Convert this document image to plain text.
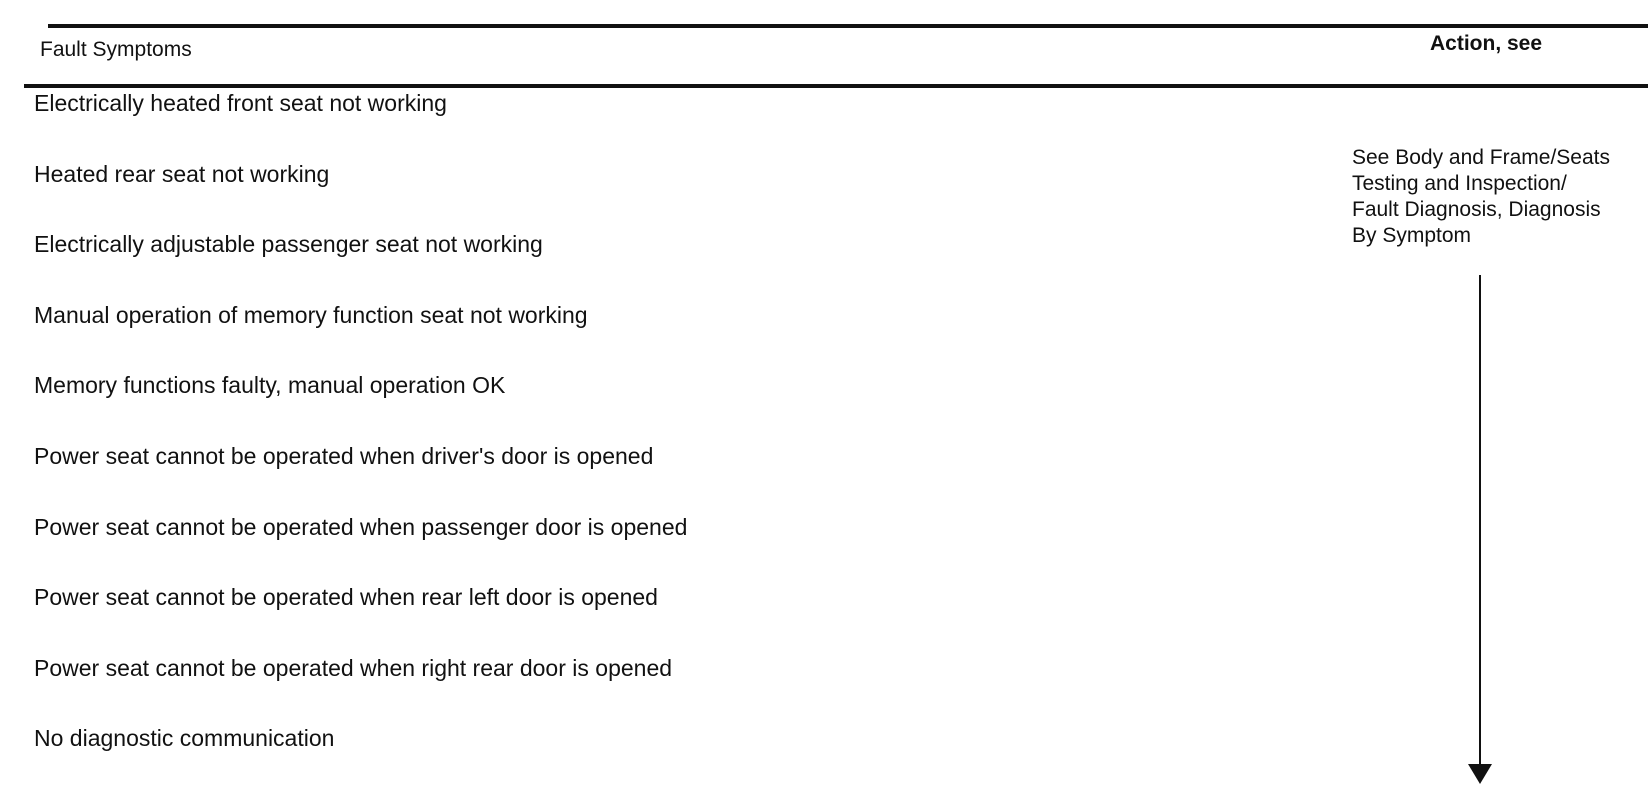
Fault Symptoms	Action, see
Electrically heated front seat not working
Heated rear seat not working
Electrically adjustable passenger seat not working
Manual operation of memory function seat not working
Memory functions faulty, manual operation OK
Power seat cannot be operated when driver's door is opened
Power seat cannot be operated when passenger door is opened
Power seat cannot be operated when rear left door is opened
Power seat cannot be operated when right rear door is opened
No diagnostic communication
See Body and Frame/Seats
Testing and Inspection/
Fault Diagnosis, Diagnosis
By Symptom
